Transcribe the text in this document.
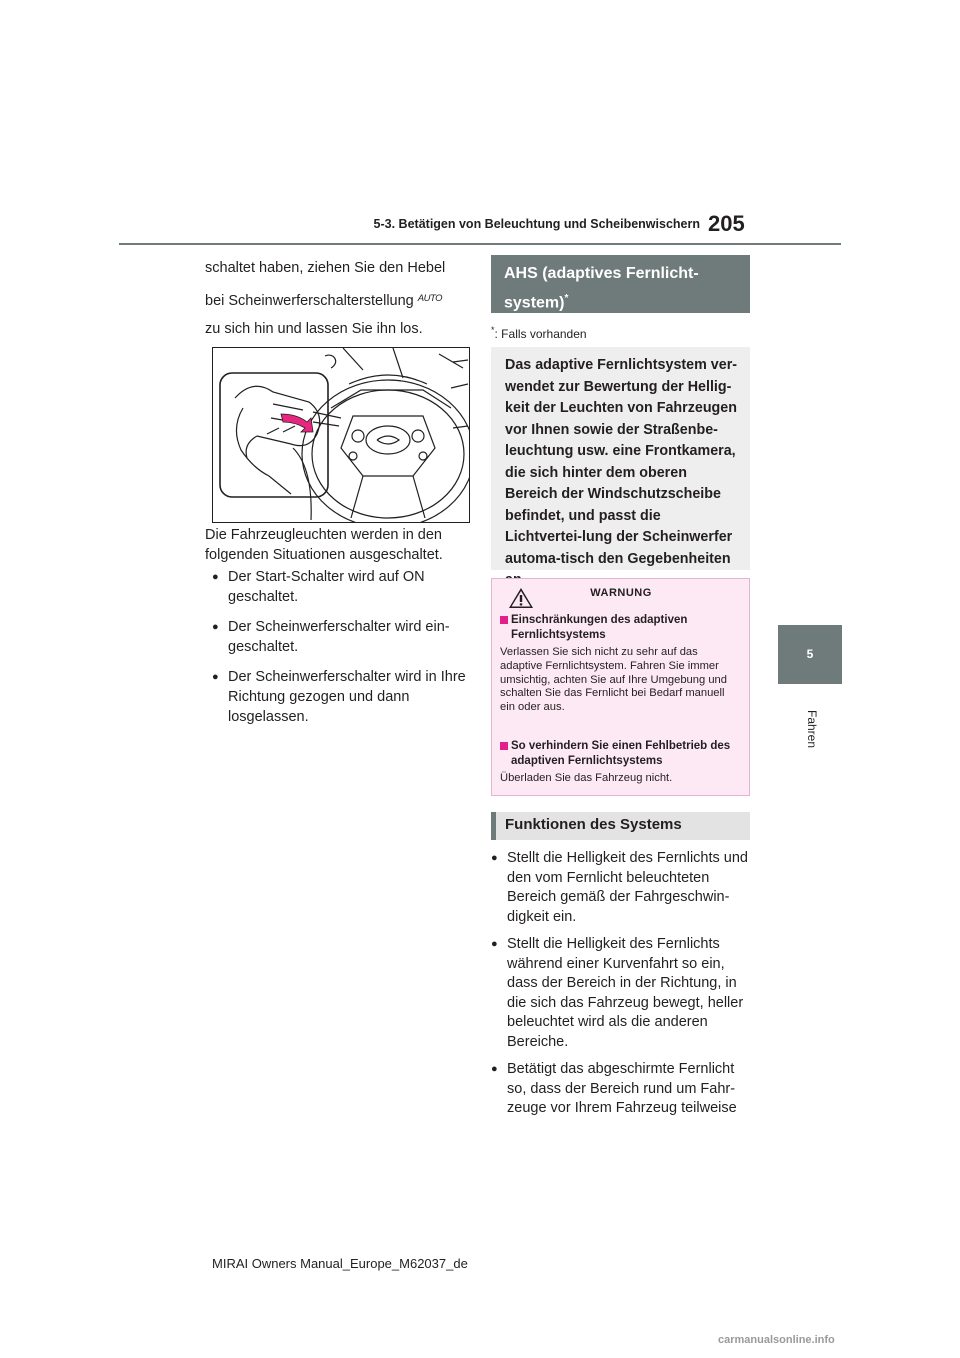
5-3. Betätigen von Beleuchtung und Scheibenwischern 205
5
Fahren
schaltet haben, ziehen Sie den Hebel
bei Scheinwerferschalterstellung $^{AUTO}$
zu sich hin und lassen Sie ihn los.
Die Fahrzeugleuchten werden in den folgenden Situationen ausgeschaltet.
● Der Start-Schalter wird auf ON geschaltet.
● Der Scheinwerferschalter wird ein-geschaltet.
● Der Scheinwerferschalter wird in Ihre Richtung gezogen und dann losgelassen.
AHS (adaptives Fernlicht-system)*
*: Falls vorhanden
Das adaptive Fernlichtsystem ver-wendet zur Bewertung der Hellig-keit der Leuchten von Fahrzeugen vor Ihnen sowie der Straßenbe-leuchtung usw. eine Frontkamera, die sich hinter dem oberen Bereich der Windschutzscheibe befindet, und passt die Lichtvertei-lung der Scheinwerfer automa-tisch den Gegebenheiten
WARNUNG
Einschränkungen des adaptiven Fernlichtsystems
Verlassen Sie sich nicht zu sehr auf das adaptive Fernlichtsystem. Fahren Sie immer umsichtig, achten Sie auf Ihre Umgebung und schalten Sie das Fernlicht bei Bedarf manuell ein oder aus.
So verhindern Sie einen Fehlbetrieb des adaptiven Fernlichtsystems
Überladen Sie das Fahrzeug nicht.
Funktionen des Systems
● Stellt die Helligkeit des Fernlichts und den vom Fernlicht beleuchteten Bereich gemäß der Fahrgeschwin-digkeit ein.
● Stellt die Helligkeit des Fernlichts während einer Kurvenfahrt so ein, dass der Bereich in der Richtung, in die sich das Fahrzeug bewegt, heller beleuchtet wird als die anderen Bereiche.
● Betätigt das abgeschirmte Fernlicht so, dass der Bereich rund um Fahr-zeuge vor Ihrem Fahrzeug teilweise
MIRAI Owners Manual_Europe_M62037_de
carmanualsonline.info
